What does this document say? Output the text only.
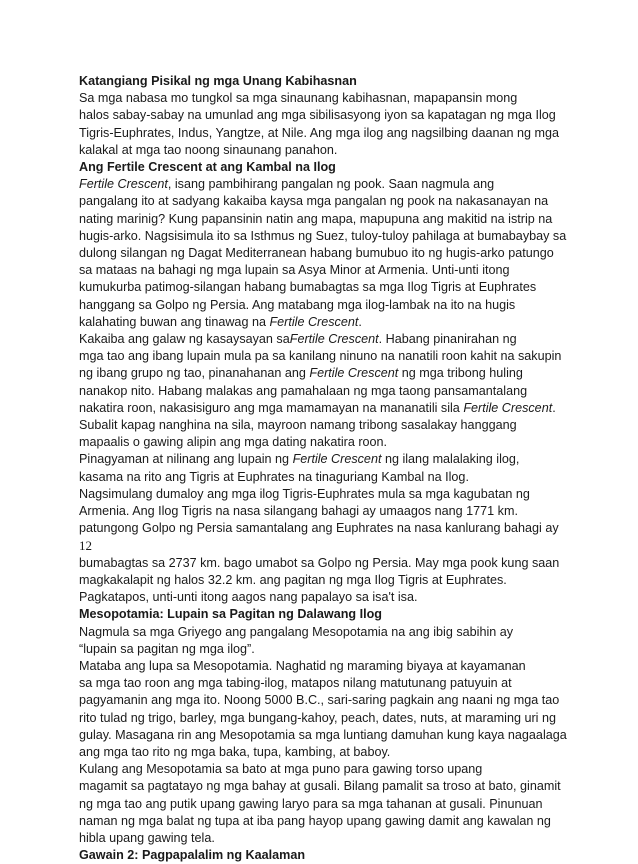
Katangiang Pisikal ng mga Unang Kabihasnan
Sa mga nabasa mo tungkol sa mga sinaunang kabihasnan, mapapansin mong
halos sabay-sabay na umunlad ang mga sibilisasyong iyon sa kapatagan ng mga Ilog
Tigris-Euphrates, Indus, Yangtze, at Nile. Ang mga ilog ang nagsilbing daanan ng mga
kalakal at mga tao noong sinaunang panahon.
Ang Fertile Crescent at ang Kambal na Ilog
Fertile Crescent, isang pambihirang pangalan ng pook. Saan nagmula ang
pangalang ito at sadyang kakaiba kaysa mga pangalan ng pook na nakasanayan na
nating marinig? Kung papansinin natin ang mapa, mapupuna ang makitid na istrip na
hugis-arko. Nagsisimula ito sa Isthmus ng Suez, tuloy-tuloy pahilaga at bumabaybay sa
dulong silangan ng Dagat Mediterranean habang bumubuo ito ng hugis-arko patungo
sa mataas na bahagi ng mga lupain sa Asya Minor at Armenia. Unti-unti itong
kumukurba patimog-silangan habang bumabagtas sa mga Ilog Tigris at Euphrates
hanggang sa Golpo ng Persia. Ang matabang mga ilog-lambak na ito na hugis
kalahating buwan ang tinawag na Fertile Crescent.
Kakaiba ang galaw ng kasaysayan saFertile Crescent. Habang pinanirahan ng
mga tao ang ibang lupain mula pa sa kanilang ninuno na nanatili roon kahit na sakupin
ng ibang grupo ng tao, pinanahanan ang Fertile Crescent ng mga tribong huling
nanakop nito. Habang malakas ang pamahalaan ng mga taong pansamantalang
nakatira roon, nakasisiguro ang mga mamamayan na mananatili sila Fertile Crescent.
Subalit kapag nanghina na sila, mayroon namang tribong sasalakay hanggang
mapaalis o gawing alipin ang mga dating nakatira roon.
Pinagyaman at nilinang ang lupain ng Fertile Crescent ng ilang malalaking ilog,
kasama na rito ang Tigris at Euphrates na tinaguriang Kambal na Ilog.
Nagsimulang dumaloy ang mga ilog Tigris-Euphrates mula sa mga kagubatan ng
Armenia. Ang Ilog Tigris na nasa silangang bahagi ay umaagos nang 1771 km.
patungong Golpo ng Persia samantalang ang Euphrates na nasa kanlurang bahagi ay
12
bumabagtas sa 2737 km. bago umabot sa Golpo ng Persia. May mga pook kung saan
magkakalapit ng halos 32.2 km. ang pagitan ng mga Ilog Tigris at Euphrates.
Pagkatapos, unti-unti itong aagos nang papalayo sa isa't isa.
Mesopotamia: Lupain sa Pagitan ng Dalawang Ilog
Nagmula sa mga Griyego ang pangalang Mesopotamia na ang ibig sabihin ay
“lupain sa pagitan ng mga ilog”.
Mataba ang lupa sa Mesopotamia. Naghatid ng maraming biyaya at kayamanan
sa mga tao roon ang mga tabing-ilog, matapos nilang matutunang patuyuin at
pagyamanin ang mga ito. Noong 5000 B.C., sari-saring pagkain ang naani ng mga tao
rito tulad ng trigo, barley, mga bungang-kahoy, peach, dates, nuts, at maraming uri ng
gulay. Masagana rin ang Mesopotamia sa mga luntiang damuhan kung kaya nagaalaga
ang mga tao rito ng mga baka, tupa, kambing, at baboy.
Kulang ang Mesopotamia sa bato at mga puno para gawing torso upang
magamit sa pagtatayo ng mga bahay at gusali. Bilang pamalit sa troso at bato, ginamit
ng mga tao ang putik upang gawing laryo para sa mga tahanan at gusali. Pinunuan
naman ng mga balat ng tupa at iba pang hayop upang gawing damit ang kawalan ng
hibla upang gawing tela.
Gawain 2: Pagpapalalim ng Kaalaman
